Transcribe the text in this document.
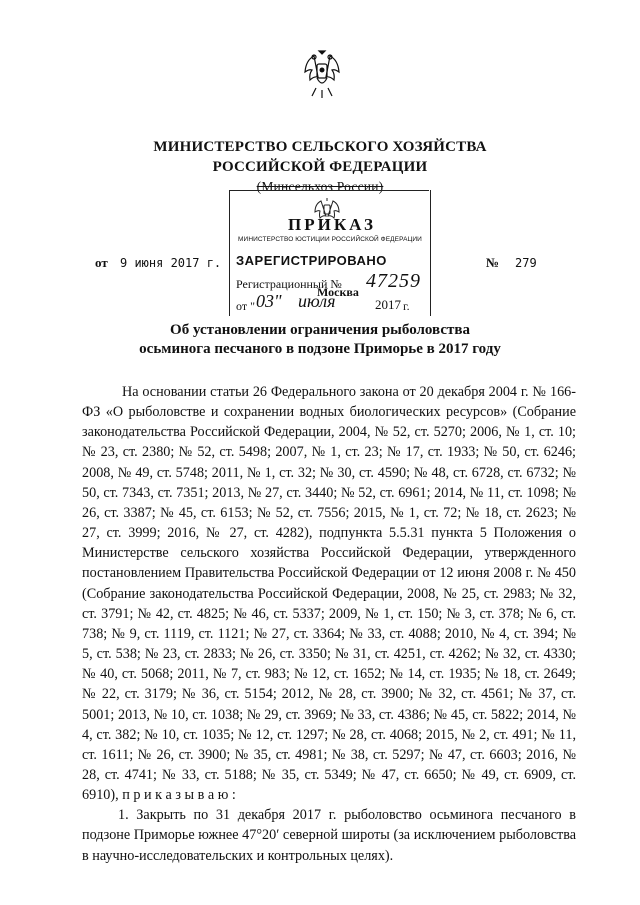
МИНИСТЕРСТВО СЕЛЬСКОГО ХОЗЯЙСТВА
РОССИЙСКОЙ ФЕДЕРАЦИИ
(Минсельхоз России)
ПРИКАЗ
МИНИСТЕРСТВО ЮСТИЦИИ РОССИЙСКОЙ ФЕДЕРАЦИИ
ЗАРЕГИСТРИРОВАНО
Регистрационный № 47259
Москва
от " 03" июля	2017 г.
от 9 июня 2017 г.	№ 279
Об установлении ограничения рыболовства
осьминога песчаного в подзоне Приморье в 2017 году

На основании статьи 26 Федерального закона от 20 декабря 2004 г. № 166-ФЗ «О рыболовстве и сохранении водных биологических ресурсов» (Собрание законодательства Российской Федерации, 2004, № 52, ст. 5270; 2006, № 1, ст. 10; № 23, ст. 2380; № 52, ст. 5498; 2007, № 1, ст. 23; № 17, ст. 1933; № 50, ст. 6246; 2008, № 49, ст. 5748; 2011, № 1, ст. 32; № 30, ст. 4590; № 48, ст. 6728, ст. 6732; № 50, ст. 7343, ст. 7351; 2013, № 27, ст. 3440; № 52, ст. 6961; 2014, № 11, ст. 1098; № 26, ст. 3387; № 45, ст. 6153; № 52, ст. 7556; 2015, № 1, ст. 72; № 18, ст. 2623; № 27, ст. 3999; 2016, № 27, ст. 4282), подпункта 5.5.31 пункта 5 Положения о Министерстве сельского хозяйства Российской Федерации, утвержденного постановлением Правительства Российской Федерации от 12 июня 2008 г. № 450 (Собрание законодательства Российской Федерации, 2008, № 25, ст. 2983; № 32, ст. 3791; № 42, ст. 4825; № 46, ст. 5337; 2009, № 1, ст. 150; № 3, ст. 378; № 6, ст. 738; № 9, ст. 1119, ст. 1121; № 27, ст. 3364; № 33, ст. 4088; 2010, № 4, ст. 394; № 5, ст. 538; № 23, ст. 2833; № 26, ст. 3350; № 31, ст. 4251, ст. 4262; № 32, ст. 4330; № 40, ст. 5068; 2011, № 7, ст. 983; № 12, ст. 1652; № 14, ст. 1935; № 18, ст. 2649; № 22, ст. 3179; № 36, ст. 5154; 2012, № 28, ст. 3900; № 32, ст. 4561; № 37, ст. 5001; 2013, № 10, ст. 1038; № 29, ст. 3969; № 33, ст. 4386; № 45, ст. 5822; 2014, № 4, ст. 382; № 10, ст. 1035; № 12, ст. 1297; № 28, ст. 4068; 2015, № 2, ст. 491; № 11, ст. 1611; № 26, ст. 3900; № 35, ст. 4981; № 38, ст. 5297; № 47, ст. 6603; 2016, № 28, ст. 4741; № 33, ст. 5188; № 35, ст. 5349; № 47, ст. 6650; № 49, ст. 6909, ст. 6910), п р и к а з ы в а ю :

1. Закрыть по 31 декабря 2017 г. рыболовство осьминога песчаного в подзоне Приморье южнее 47°20′ северной широты (за исключением рыболовства в научно-исследовательских и контрольных целях).
